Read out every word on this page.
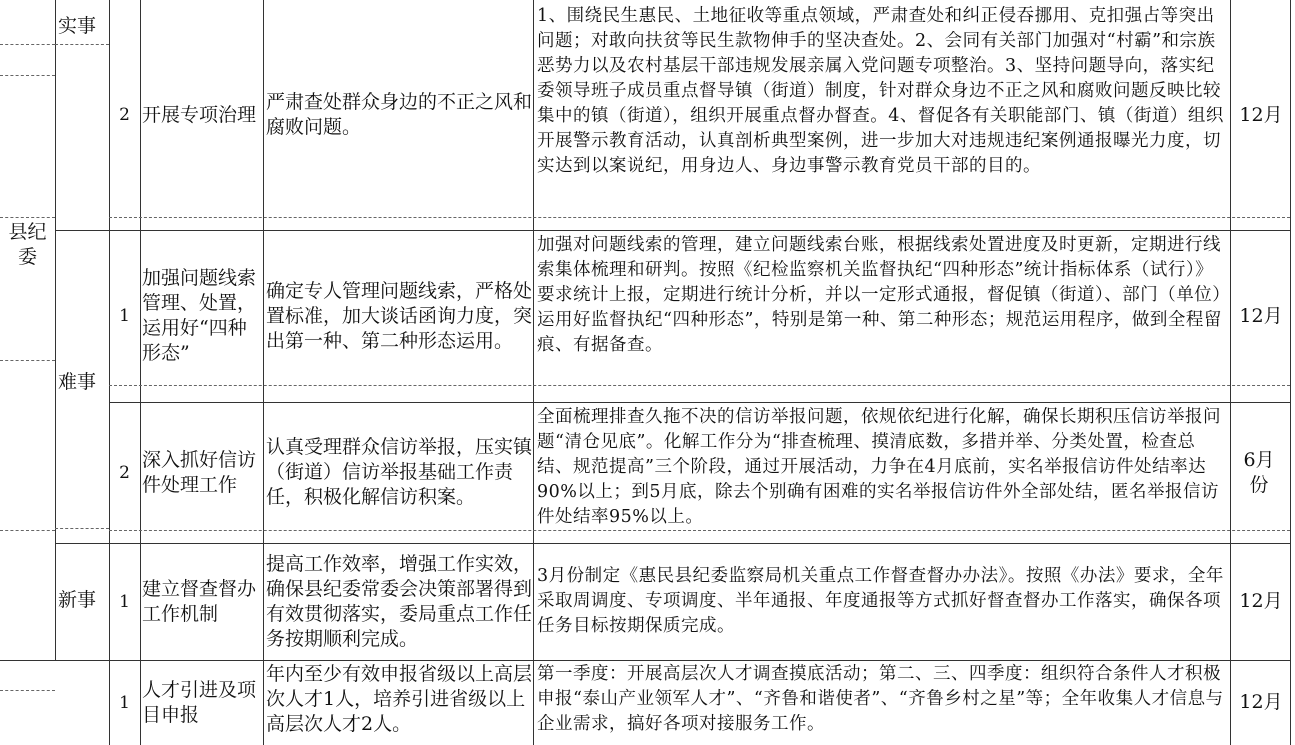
县纪委
实事
难事
新事
2 开展专项治理
严肃查处群众身边的不正之风和腐败问题。
1、围绕民生惠民、土地征收等重点领域，严肃查处和纠正侵吞挪用、克扣强占等突出问题；对敢向扶贫等民生款物伸手的坚决查处。2、会同有关部门加强对“村霸”和宗族恶势力以及农村基层干部违规发展亲属入党问题专项整治。3、坚持问题导向，落实纪委领导班子成员重点督导镇（街道）制度，针对群众身边不正之风和腐败问题反映比较集中的镇（街道），组织开展重点督办督查。4、督促各有关职能部门、镇（街道）组织开展警示教育活动，认真剖析典型案例，进一步加大对违规违纪案例通报曝光力度，切实达到以案说纪，用身边人、身边事警示教育党员干部的目的。
12月
1
加强问题线索管理、处置，运用好“四种形态”
确定专人管理问题线索，严格处置标准，加大谈话函询力度，突出第一种、第二种形态运用。
加强对问题线索的管理，建立问题线索台账，根据线索处置进度及时更新，定期进行线索集体梳理和研判。按照《纪检监察机关监督执纪“四种形态”统计指标体系（试行）》要求统计上报，定期进行统计分析，并以一定形式通报，督促镇（街道）、部门（单位）运用好监督执纪“四种形态”，特别是第一种、第二种形态；规范运用程序，做到全程留痕、有据备查。
12月
2
深入抓好信访件处理工作
认真受理群众信访举报，压实镇（街道）信访举报基础工作责任，积极化解信访积案。
全面梳理排查久拖不决的信访举报问题，依规依纪进行化解，确保长期积压信访举报问题“清仓见底”。化解工作分为“排查梳理、摸清底数，多措并举、分类处置，检查总结、规范提高”三个阶段，通过开展活动，力争在4月底前，实名举报信访件处结率达90%以上；到5月底，除去个别确有困难的实名举报信访件外全部处结，匿名举报信访件处结率95%以上。
6月份
1
建立督查督办工作机制
提高工作效率，增强工作实效，确保县纪委常委会决策部署得到有效贯彻落实，委局重点工作任务按期顺利完成。
3月份制定《惠民县纪委监察局机关重点工作督查督办办法》。按照《办法》要求，全年采取周调度、专项调度、半年通报、年度通报等方式抓好督查督办工作落实，确保各项任务目标按期保质完成。
12月
1
人才引进及项目申报
年内至少有效申报省级以上高层次人才1人，培养引进省级以上高层次人才2人。
第一季度：开展高层次人才调查摸底活动；第二、三、四季度：组织符合条件人才积极申报“泰山产业领军人才”、“齐鲁和谐使者”、“齐鲁乡村之星”等；全年收集人才信息与企业需求，搞好各项对接服务工作。
12月
